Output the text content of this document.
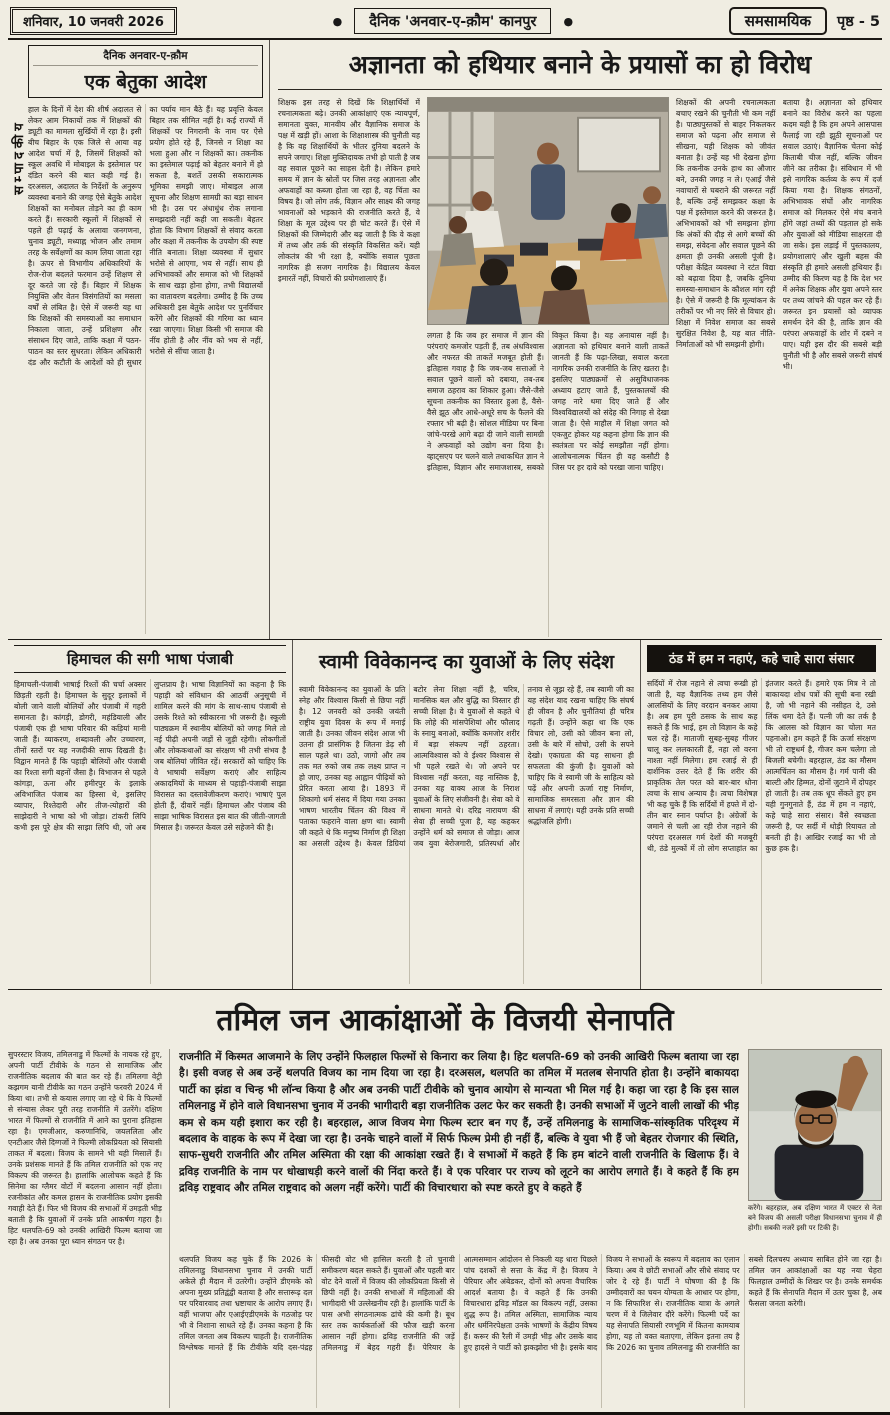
शनिवार, 10 जनवरी 2026	●	दैनिक 'अनवार-ए-क़ौम' कानपुर	●	समसामयिक	पृष्ठ - 5
सम्पादकीय
दैनिक अनवार-ए-क़ौम
एक बेतुका आदेश
हाल के दिनों में देश की शीर्ष अदालत से लेकर आम निकायों तक में शिक्षकों की ड्यूटी का मामला सुर्खियों में रहा है। इसी बीच बिहार के एक जिले से आया वह आदेश चर्चा में है, जिसमें शिक्षकों को स्कूल अवधि में मोबाइल के इस्तेमाल पर दंडित करने की बात कही गई है। दरअसल, अदालत के निर्देशों के अनुरूप व्यवस्था बनाने की जगह ऐसे बेतुके आदेश शिक्षकों का मनोबल तोड़ने का ही काम करते हैं। सरकारी स्कूलों में शिक्षकों से पहले ही पढ़ाई के अलावा जनगणना, चुनाव ड्यूटी, मध्याह्न भोजन और तमाम तरह के सर्वेक्षणों का काम लिया जाता रहा है। ऊपर से विभागीय अधिकारियों के रोज-रोज बदलते फरमान उन्हें शिक्षण से दूर करते जा रहे हैं। बिहार में शिक्षक नियुक्ति और वेतन विसंगतियों का मसला वर्षों से लंबित है। ऐसे में जरूरी यह था कि शिक्षकों की समस्याओं का समाधान निकाला जाता, उन्हें प्रशिक्षण और संसाधन दिए जाते, ताकि कक्षा में पठन-पाठन का स्तर सुधरता। लेकिन अधिकारी दंड और कटौती के आदेशों को ही सुधार का पर्याय मान बैठे हैं। यह प्रवृत्ति केवल बिहार तक सीमित नहीं है। कई राज्यों में शिक्षकों पर निगरानी के नाम पर ऐसे प्रयोग होते रहे हैं, जिनसे न शिक्षा का भला हुआ और न शिक्षकों का। तकनीक का इस्तेमाल पढ़ाई को बेहतर बनाने में हो सकता है, बशर्ते उसकी सकारात्मक भूमिका समझी जाए। मोबाइल आज सूचना और शिक्षण सामग्री का बड़ा साधन भी है। उस पर अंधाधुंध रोक लगाना समझदारी नहीं कही जा सकती। बेहतर होता कि विभाग शिक्षकों से संवाद करता और कक्षा में तकनीक के उपयोग की स्पष्ट नीति बनाता। शिक्षा व्यवस्था में सुधार भरोसे से आएगा, भय से नहीं। साथ ही अभिभावकों और समाज को भी शिक्षकों के साथ खड़ा होना होगा, तभी विद्यालयों का वातावरण बदलेगा। उम्मीद है कि उच्च अधिकारी इस बेतुके आदेश पर पुनर्विचार करेंगे और शिक्षकों की गरिमा का ध्यान रखा जाएगा। शिक्षा किसी भी समाज की नींव होती है और नींव को भय से नहीं, भरोसे से सींचा जाता है।
अज्ञानता को हथियार बनाने के प्रयासों का हो विरोध
शिक्षक इस तरह से दिखें कि शिक्षार्थियों में रचनात्मकता बढ़े। उनकी आकांक्षाएं एक न्यायपूर्ण, समानता युक्त, मानवीय और वैज्ञानिक समाज के पक्ष में खड़ी हों। आशा के शिक्षाशास्त्र की चुनौती यह है कि वह शिक्षार्थियों के भीतर दुनिया बदलने के सपने जगाए। शिक्षा मुक्तिदायक तभी हो पाती है जब वह सवाल पूछने का साहस देती है। लेकिन हमारे समय में ज्ञान के स्रोतों पर जिस तरह अज्ञानता और अफवाहों का कब्जा होता जा रहा है, वह चिंता का विषय है। जो लोग तर्क, विज्ञान और साक्ष्य की जगह भावनाओं को भड़काने की राजनीति करते हैं, वे शिक्षा के मूल उद्देश्य पर ही चोट करते हैं। ऐसे में शिक्षकों की जिम्मेदारी और बढ़ जाती है कि वे कक्षा में तथ्य और तर्क की संस्कृति विकसित करें। यही लोकतंत्र की भी रक्षा है, क्योंकि सवाल पूछता नागरिक ही सजग नागरिक है। विद्यालय केवल इमारतें नहीं, विचारों की प्रयोगशालाएं हैं।
लगता है कि जब हर समाज में ज्ञान की परंपराएं कमजोर पड़ती हैं, तब अंधविश्वास और नफरत की ताकतें मजबूत होती हैं। इतिहास गवाह है कि जब-जब सत्ताओं ने सवाल पूछने वालों को दबाया, तब-तब समाज ठहराव का शिकार हुआ। जैसे-जैसे सूचना तकनीक का विस्तार हुआ है, वैसे-वैसे झूठ और आधे-अधूरे सच के फैलने की रफ्तार भी बढ़ी है। सोशल मीडिया पर बिना जांचे-परखे आगे बढ़ा दी जाने वाली सामग्री ने अफवाहों को उद्योग बना दिया है। व्हाट्सएप पर चलने वाले तथाकथित ज्ञान ने इतिहास, विज्ञान और समाजशास्त्र, सबको विकृत किया है। यह अनायास नहीं है। अज्ञानता को हथियार बनाने वाली ताकतें जानती हैं कि पढ़ा-लिखा, सवाल करता नागरिक उनकी राजनीति के लिए खतरा है। इसलिए पाठ्यक्रमों से असुविधाजनक अध्याय हटाए जाते हैं, पुस्तकालयों की जगह नारे थमा दिए जाते हैं और विश्वविद्यालयों को संदेह की निगाह से देखा जाता है। ऐसे माहौल में शिक्षा जगत को एकजुट होकर यह कहना होगा कि ज्ञान की स्वतंत्रता पर कोई समझौता नहीं होगा। आलोचनात्मक चिंतन ही वह कसौटी है जिस पर हर दावे को परखा जाना चाहिए।
शिक्षकों की अपनी रचनात्मकता बचाए रखने की चुनौती भी कम नहीं है। पाठ्यपुस्तकों से बाहर निकलकर समाज को पढ़ना और समाज से सीखना, यही शिक्षक को जीवंत बनाता है। उन्हें यह भी देखना होगा कि तकनीक उनके हाथ का औजार बने, उनकी जगह न ले। एआई जैसे नवाचारों से घबराने की जरूरत नहीं है, बल्कि उन्हें समझकर कक्षा के पक्ष में इस्तेमाल करने की जरूरत है। अभिभावकों को भी समझना होगा कि अंकों की दौड़ से आगे बच्चों की समझ, संवेदना और सवाल पूछने की क्षमता ही उनकी असली पूंजी है। परीक्षा केंद्रित व्यवस्था ने रटंत विद्या को बढ़ावा दिया है, जबकि दुनिया समस्या-समाधान के कौशल मांग रही है। ऐसे में जरूरी है कि मूल्यांकन के तरीकों पर भी नए सिरे से विचार हो। शिक्षा में निवेश समाज का सबसे सुरक्षित निवेश है, यह बात नीति-निर्माताओं को भी समझनी होगी।
बताया है। अज्ञानता को हथियार बनाने का विरोध करने का पहला कदम यही है कि हम अपने आसपास फैलाई जा रही झूठी सूचनाओं पर सवाल उठाएं। वैज्ञानिक चेतना कोई किताबी चीज नहीं, बल्कि जीवन जीने का तरीका है। संविधान में भी इसे नागरिक कर्तव्य के रूप में दर्ज किया गया है। शिक्षक संगठनों, अभिभावक संघों और नागरिक समाज को मिलकर ऐसे मंच बनाने होंगे जहां तथ्यों की पड़ताल हो सके और युवाओं को मीडिया साक्षरता दी जा सके। इस लड़ाई में पुस्तकालय, प्रयोगशालाएं और खुली बहस की संस्कृति ही हमारे असली हथियार हैं। उम्मीद की किरण यह है कि देश भर में अनेक शिक्षक और युवा अपने स्तर पर तथ्य जांचने की पहल कर रहे हैं। जरूरत इन प्रयासों को व्यापक समर्थन देने की है, ताकि ज्ञान की परंपरा अफवाहों के शोर में दबने न पाए। यही इस दौर की सबसे बड़ी चुनौती भी है और सबसे जरूरी संघर्ष भी।
हिमाचल की सगी भाषा पंजाबी
हिमाचली-पंजाबी भाषाई रिश्तों की चर्चा अक्सर छिड़ती रहती है। हिमाचल के सुदूर इलाकों में बोली जाने वाली बोलियों और पंजाबी में गहरी समानता है। कांगड़ी, डोगरी, महंडियाली और पंजाबी एक ही भाषा परिवार की कड़ियां मानी जाती हैं। व्याकरण, शब्दावली और उच्चारण, तीनों स्तरों पर यह नजदीकी साफ दिखती है। विद्वान मानते हैं कि पहाड़ी बोलियों और पंजाबी का रिश्ता सगी बहनों जैसा है। विभाजन से पहले कांगड़ा, ऊना और हमीरपुर के इलाके अविभाजित पंजाब का हिस्सा थे, इसलिए व्यापार, रिश्तेदारी और तीज-त्योहारों की साझेदारी ने भाषा को भी जोड़ा। टांकरी लिपि कभी इस पूरे क्षेत्र की साझा लिपि थी, जो अब लुप्तप्राय है। भाषा विज्ञानियों का कहना है कि पहाड़ी को संविधान की आठवीं अनुसूची में शामिल करने की मांग के साथ-साथ पंजाबी से उसके रिश्ते को स्वीकारना भी जरूरी है। स्कूली पाठ्यक्रम में स्थानीय बोलियों को जगह मिले तो नई पीढ़ी अपनी जड़ों से जुड़ी रहेगी। लोकगीतों और लोककथाओं का संरक्षण भी तभी संभव है जब बोलियां जीवित रहें। सरकारों को चाहिए कि वे भाषायी सर्वेक्षण कराएं और साहित्य अकादमियों के माध्यम से पहाड़ी-पंजाबी साझा विरासत का दस्तावेजीकरण कराएं। भाषाएं पुल होती हैं, दीवारें नहीं। हिमाचल और पंजाब की साझा भाषिक विरासत इस बात की जीती-जागती मिसाल है। जरूरत केवल उसे सहेजने की है।
स्वामी विवेकानन्द का युवाओं के लिए संदेश
स्वामी विवेकानन्द का युवाओं के प्रति स्नेह और विश्वास किसी से छिपा नहीं है। 12 जनवरी को उनकी जयंती राष्ट्रीय युवा दिवस के रूप में मनाई जाती है। उनका जीवन संदेश आज भी उतना ही प्रासंगिक है जितना डेढ़ सौ साल पहले था। उठो, जागो और तब तक मत रुको जब तक लक्ष्य प्राप्त न हो जाए, उनका यह आह्वान पीढ़ियों को प्रेरित करता आया है। 1893 में शिकागो धर्म संसद में दिया गया उनका भाषण भारतीय चिंतन की विश्व में पताका फहराने वाला क्षण था। स्वामी जी कहते थे कि मनुष्य निर्माण ही शिक्षा का असली उद्देश्य है। केवल डिग्रियां बटोर लेना शिक्षा नहीं है, चरित्र, मानसिक बल और बुद्धि का विस्तार ही सच्ची शिक्षा है। वे युवाओं से कहते थे कि लोहे की मांसपेशियां और फौलाद के स्नायु बनाओ, क्योंकि कमजोर शरीर में बड़ा संकल्प नहीं ठहरता। आत्मविश्वास को वे ईश्वर विश्वास से भी पहले रखते थे। जो अपने पर विश्वास नहीं करता, वह नास्तिक है, उनका यह वाक्य आज के निराश युवाओं के लिए संजीवनी है। सेवा को वे साधना मानते थे। दरिद्र नारायण की सेवा ही सच्ची पूजा है, यह कहकर उन्होंने धर्म को समाज से जोड़ा। आज जब युवा बेरोजगारी, प्रतिस्पर्धा और तनाव से जूझ रहे हैं, तब स्वामी जी का यह संदेश याद रखना चाहिए कि संघर्ष ही जीवन है और चुनौतियां ही चरित्र गढ़ती हैं। उन्होंने कहा था कि एक विचार लो, उसी को जीवन बना लो, उसी के बारे में सोचो, उसी के सपने देखो। एकाग्रता की यह साधना ही सफलता की कुंजी है। युवाओं को चाहिए कि वे स्वामी जी के साहित्य को पढ़ें और अपनी ऊर्जा राष्ट्र निर्माण, सामाजिक समरसता और ज्ञान की साधना में लगाएं। यही उनके प्रति सच्ची श्रद्धांजलि होगी।
ठंड में हम न नहाएं, कहे चाहे सारा संसार
सर्दियों में रोज नहाने से त्वचा रूखी हो जाती है, यह वैज्ञानिक तथ्य हम जैसे आलसियों के लिए वरदान बनकर आया है। अब हम पूरी ठसक के साथ कह सकते हैं कि भाई, हम तो विज्ञान के कहे चल रहे हैं। माताजी सुबह-सुबह गीजर चालू कर ललकारती हैं, नहा लो वरना नाश्ता नहीं मिलेगा। हम रजाई से ही दार्शनिक उत्तर देते हैं कि शरीर की प्राकृतिक तेल परत को बार-बार धोना त्वचा के साथ अन्याय है। त्वचा विशेषज्ञ भी कह चुके हैं कि सर्दियों में हफ्ते में दो-तीन बार स्नान पर्याप्त है। अंग्रेजों के जमाने से चली आ रही रोज नहाने की परंपरा दरअसल गर्म देशों की मजबूरी थी, ठंडे मुल्कों में तो लोग सप्ताहांत का इंतजार करते हैं। हमारे एक मित्र ने तो बाकायदा शोध पत्रों की सूची बना रखी है, जो भी नहाने की नसीहत दे, उसे लिंक थमा देते हैं। पत्नी जी का तर्क है कि आलस को विज्ञान का चोला मत पहनाओ। हम कहते हैं कि ऊर्जा संरक्षण भी तो राष्ट्रधर्म है, गीजर कम चलेगा तो बिजली बचेगी। बहरहाल, ठंड का मौसम आत्मचिंतन का मौसम है। गर्म पानी की बाल्टी और हिम्मत, दोनों जुटाने में दोपहर हो जाती है। तब तक धूप सेंकते हुए हम यही गुनगुनाते हैं, ठंड में हम न नहाएं, कहे चाहे सारा संसार। वैसे स्वच्छता जरूरी है, पर सर्दी में थोड़ी रियायत तो बनती ही है। आखिर रजाई का भी तो कुछ हक है।
तमिल जन आकांक्षाओं के विजयी सेनापति
सुपरस्टार विजय, तमिलनाडु में फिल्मों के नायक रहे हुए, अपनी पार्टी टीवीके के गठन से सामाजिक और राजनीतिक बदलाव की बात कर रहे हैं। तमिलगा वेट्री कझगम यानी टीवीके का गठन उन्होंने फरवरी 2024 में किया था। तभी से कयास लगाए जा रहे थे कि वे फिल्मों से संन्यास लेकर पूरी तरह राजनीति में उतरेंगे। दक्षिण भारत में फिल्मों से राजनीति में आने का पुराना इतिहास रहा है। एमजीआर, करुणानिधि, जयललिता और एनटीआर जैसे दिग्गजों ने फिल्मी लोकप्रियता को सियासी ताकत में बदला। विजय के सामने भी यही मिसालें हैं। उनके प्रशंसक मानते हैं कि तमिल राजनीति को एक नए विकल्प की जरूरत है। हालांकि आलोचक कहते हैं कि सिनेमा का ग्लैमर वोटों में बदलना आसान नहीं होता। रजनीकांत और कमल हासन के राजनीतिक प्रयोग इसकी गवाही देते हैं। फिर भी विजय की सभाओं में उमड़ती भीड़ बताती है कि युवाओं में उनके प्रति आकर्षण गहरा है। हिट थलपति-69 को उनकी आखिरी फिल्म बताया जा रहा है। अब उनका पूरा ध्यान संगठन पर है।
राजनीति में किस्मत आजमाने के लिए उन्होंने फिलहाल फिल्मों से किनारा कर लिया है। हिट थलपति-69 को उनकी आखिरी फिल्म बताया जा रहा है। इसी वजह से अब उन्हें थलपति विजय का नाम दिया जा रहा है। दरअसल, थलपति का तमिल में मतलब सेनापति होता है। उन्होंने बाकायदा पार्टी का झंडा व चिन्ह भी लॉन्च किया है और अब उनकी पार्टी टीवीके को चुनाव आयोग से मान्यता भी मिल गई है। कहा जा रहा है कि इस साल तमिलनाडु में होने वाले विधानसभा चुनाव में उनकी भागीदारी बड़ा राजनीतिक उलट फेर कर सकती है। उनकी सभाओं में जुटने वाली लाखों की भीड़ कम से कम यही इशारा कर रही है। बहरहाल, आज विजय मेगा फिल्म स्टार बन गए हैं, उन्हें तमिलनाडु के सामाजिक-सांस्कृतिक परिदृश्य में बदलाव के वाहक के रूप में देखा जा रहा है। उनके चाहने वालों में सिर्फ फिल्म प्रेमी ही नहीं हैं, बल्कि वे युवा भी हैं जो बेहतर रोजगार की स्थिति, साफ-सुथरी राजनीति और तमिल अस्मिता की रक्षा की आकांक्षा रखते हैं। वे सभाओं में कहते हैं कि हम बांटने वाली राजनीति के खिलाफ हैं। वे द्रविड़ राजनीति के नाम पर धोखाधड़ी करने वालों की निंदा करते हैं। वे एक परिवार पर राज्य को लूटने का आरोप लगाते हैं। वे कहते हैं कि हम द्रविड़ राष्ट्रवाद और तमिल राष्ट्रवाद को अलग नहीं करेंगे। पार्टी की विचारधारा को स्पष्ट करते हुए वे कहते हैं
करेंगे। बहरहाल, अब दक्षिण भारत में एक्टर से नेता बने विजय की असली परीक्षा विधानसभा चुनाव में ही होगी। सबकी नजरें इसी पर टिकी हैं।
थलपति विजय कह चुके हैं कि 2026 के तमिलनाडु विधानसभा चुनाव में उनकी पार्टी अकेले ही मैदान में उतरेगी। उन्होंने डीएमके को अपना मुख्य प्रतिद्वंद्वी बताया है और सत्तारूढ़ दल पर परिवारवाद तथा भ्रष्टाचार के आरोप लगाए हैं। वहीं भाजपा और एआईएडीएमके के गठजोड़ पर भी वे निशाना साधते रहे हैं। उनका कहना है कि तमिल जनता अब विकल्प चाहती है। राजनीतिक विश्लेषक मानते हैं कि टीवीके यदि दस-पंद्रह फीसदी वोट भी हासिल करती है तो चुनावी समीकरण बदल सकते हैं। युवाओं और पहली बार वोट देने वालों में विजय की लोकप्रियता किसी से छिपी नहीं है। उनकी सभाओं में महिलाओं की भागीदारी भी उल्लेखनीय रही है। हालांकि पार्टी के पास अभी संगठनात्मक ढांचे की कमी है। बूथ स्तर तक कार्यकर्ताओं की फौज खड़ी करना आसान नहीं होगा। द्रविड़ राजनीति की जड़ें तमिलनाडु में बेहद गहरी हैं। पेरियार के आत्मसम्मान आंदोलन से निकली यह धारा पिछले पांच दशकों से सत्ता के केंद्र में है। विजय ने पेरियार और अंबेडकर, दोनों को अपना वैचारिक आदर्श बताया है। वे कहते हैं कि उनकी विचारधारा द्रविड़ मॉडल का विकल्प नहीं, उसका शुद्ध रूप है। तमिल अस्मिता, सामाजिक न्याय और धर्मनिरपेक्षता उनके भाषणों के केंद्रीय विषय हैं। करूर की रैली में उमड़ी भीड़ और उसके बाद हुए हादसे ने पार्टी को झकझोरा भी है। इसके बाद विजय ने सभाओं के स्वरूप में बदलाव का एलान किया। अब वे छोटी सभाओं और सीधे संवाद पर जोर दे रहे हैं। पार्टी ने घोषणा की है कि उम्मीदवारों का चयन योग्यता के आधार पर होगा, न कि सिफारिश से। राजनीतिक यात्रा के अगले चरण में वे जिलेवार दौरे करेंगे। फिल्मी पर्दे का यह सेनापति सियासी रणभूमि में कितना कामयाब होगा, यह तो वक्त बताएगा, लेकिन इतना तय है कि 2026 का चुनाव तमिलनाडु की राजनीति का सबसे दिलचस्प अध्याय साबित होने जा रहा है। तमिल जन आकांक्षाओं का यह नया चेहरा फिलहाल उम्मीदों के शिखर पर है। उनके समर्थक कहते हैं कि सेनापति मैदान में उतर चुका है, अब फैसला जनता करेगी।
